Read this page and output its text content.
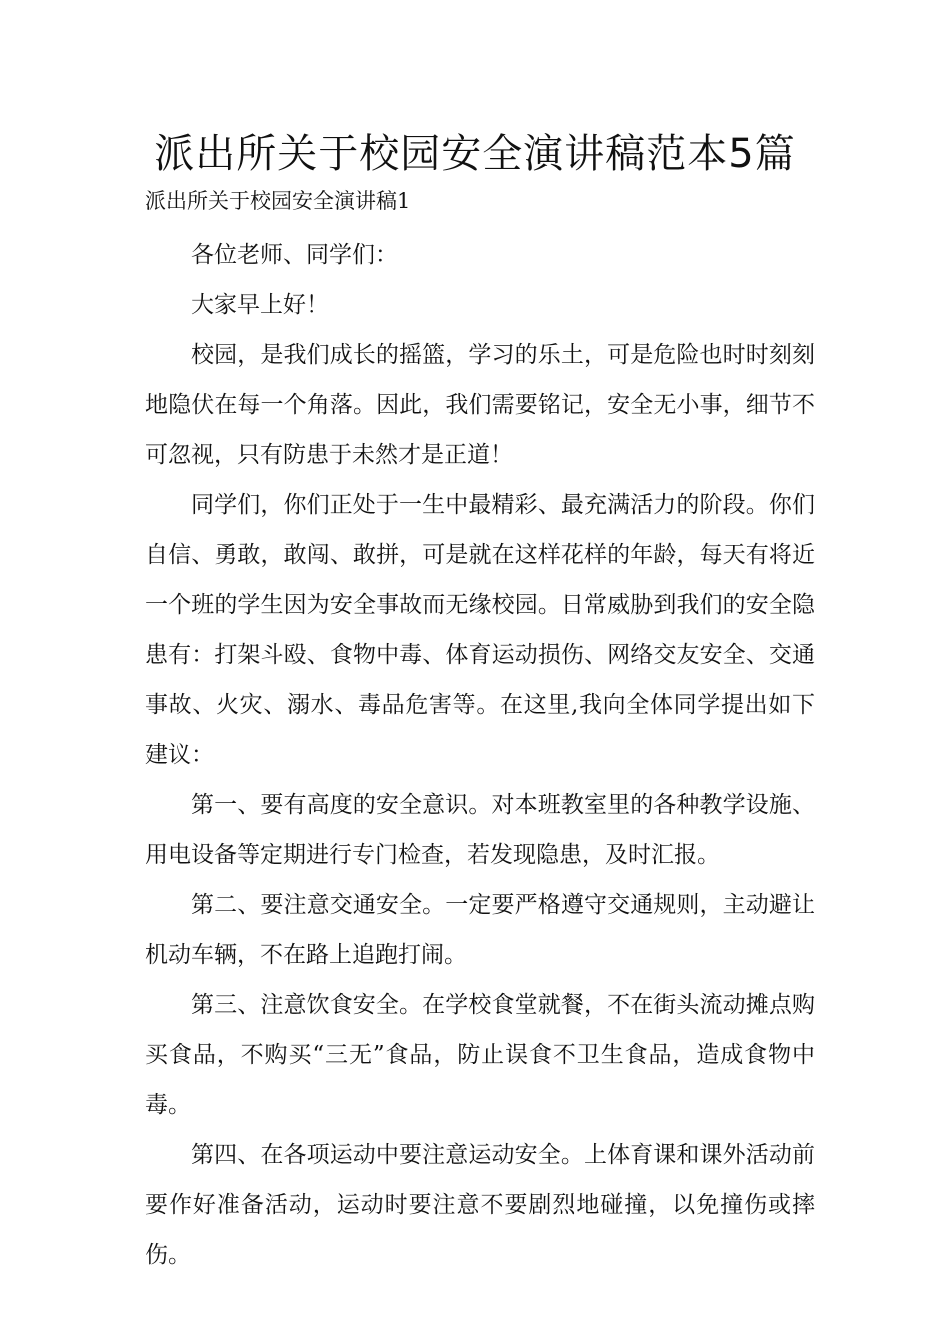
派出所关于校园安全演讲稿范本5篇
派出所关于校园安全演讲稿1

各位老师、同学们：

大家早上好！

校园，是我们成长的摇篮，学习的乐土，可是危险也时时刻刻地隐伏在每一个角落。因此，我们需要铭记，安全无小事，细节不可忽视，只有防患于未然才是正道！

同学们，你们正处于一生中最精彩、最充满活力的阶段。你们自信、勇敢，敢闯、敢拼，可是就在这样花样的年龄，每天有将近一个班的学生因为安全事故而无缘校园。日常威胁到我们的安全隐患有：打架斗殴、食物中毒、体育运动损伤、网络交友安全、交通事故、火灾、溺水、毒品危害等。在这里,我向全体同学提出如下建议：

第一、要有高度的安全意识。对本班教室里的各种教学设施、用电设备等定期进行专门检查，若发现隐患，及时汇报。

第二、要注意交通安全。一定要严格遵守交通规则，主动避让机动车辆，不在路上追跑打闹。

第三、注意饮食安全。在学校食堂就餐，不在街头流动摊点购买食品，不购买“三无”食品，防止误食不卫生食品，造成食物中毒。

第四、在各项运动中要注意运动安全。上体育课和课外活动前要作好准备活动，运动时要注意不要剧烈地碰撞，以免撞伤或摔伤。
